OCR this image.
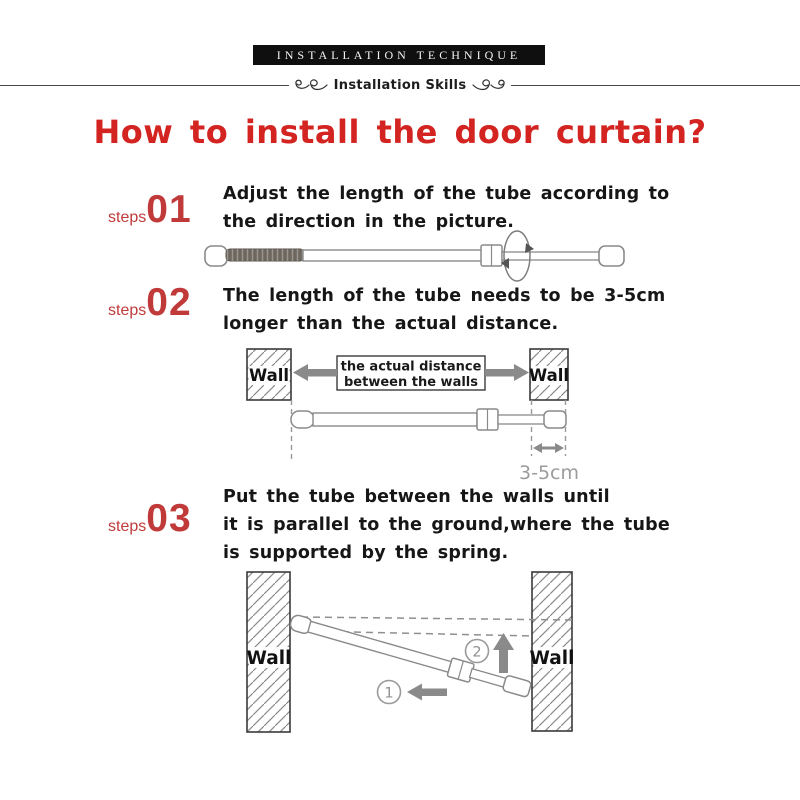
INSTALLATION TECHNIQUE
Installation Skills
How to install the door curtain?
steps 01 Adjust the length of the tube according to
the direction in the picture.
steps 02 The length of the tube needs to be 3-5cm
longer than the actual distance.
steps 03 Put the tube between the walls until
it is parallel to the ground,where the tube
is supported by the spring.
Wall	Wall
the actual distance
between the walls
3-5cm
Wall	Wall
2
1
